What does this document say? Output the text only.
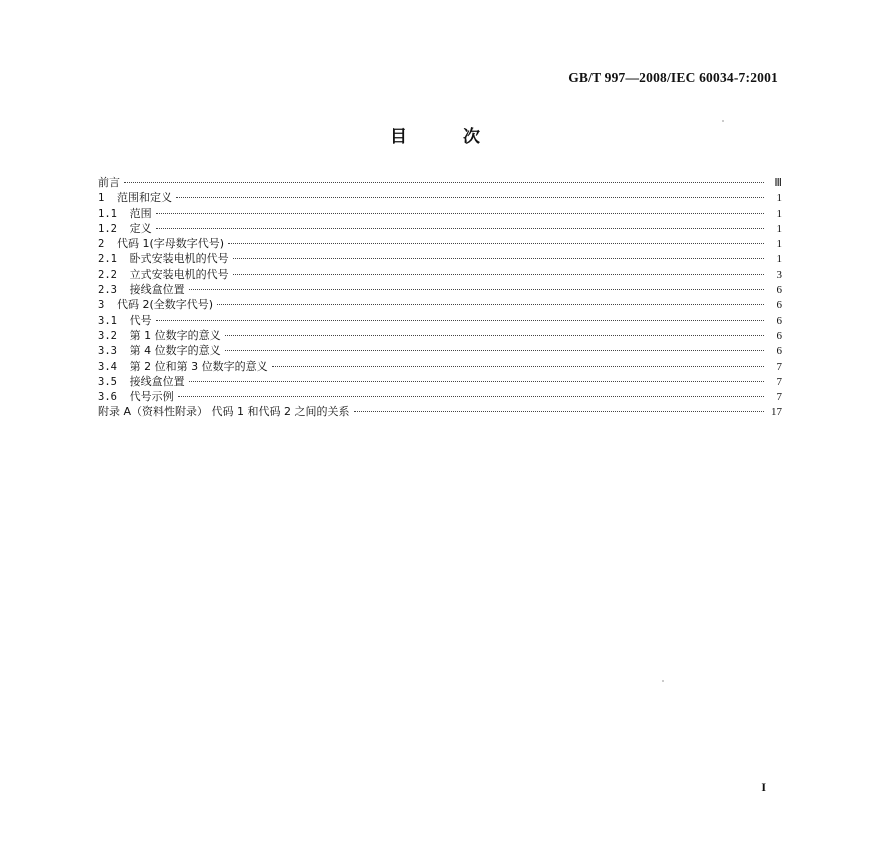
GB/T 997—2008/IEC 60034-7:2001
目	次
前言	Ⅲ
1 范围和定义	1
1.1 范围	1
1.2 定义	1
2 代码 1(字母数字代号)	1
2.1 卧式安装电机的代号	1
2.2 立式安装电机的代号	3
2.3 接线盒位置	6
3 代码 2(全数字代号)	6
3.1 代号	6
3.2 第 1 位数字的意义	6
3.3 第 4 位数字的意义	6
3.4 第 2 位和第 3 位数字的意义	7
3.5 接线盒位置	7
3.6 代号示例	7
附录 A（资料性附录） 代码 1 和代码 2 之间的关系	17
I
